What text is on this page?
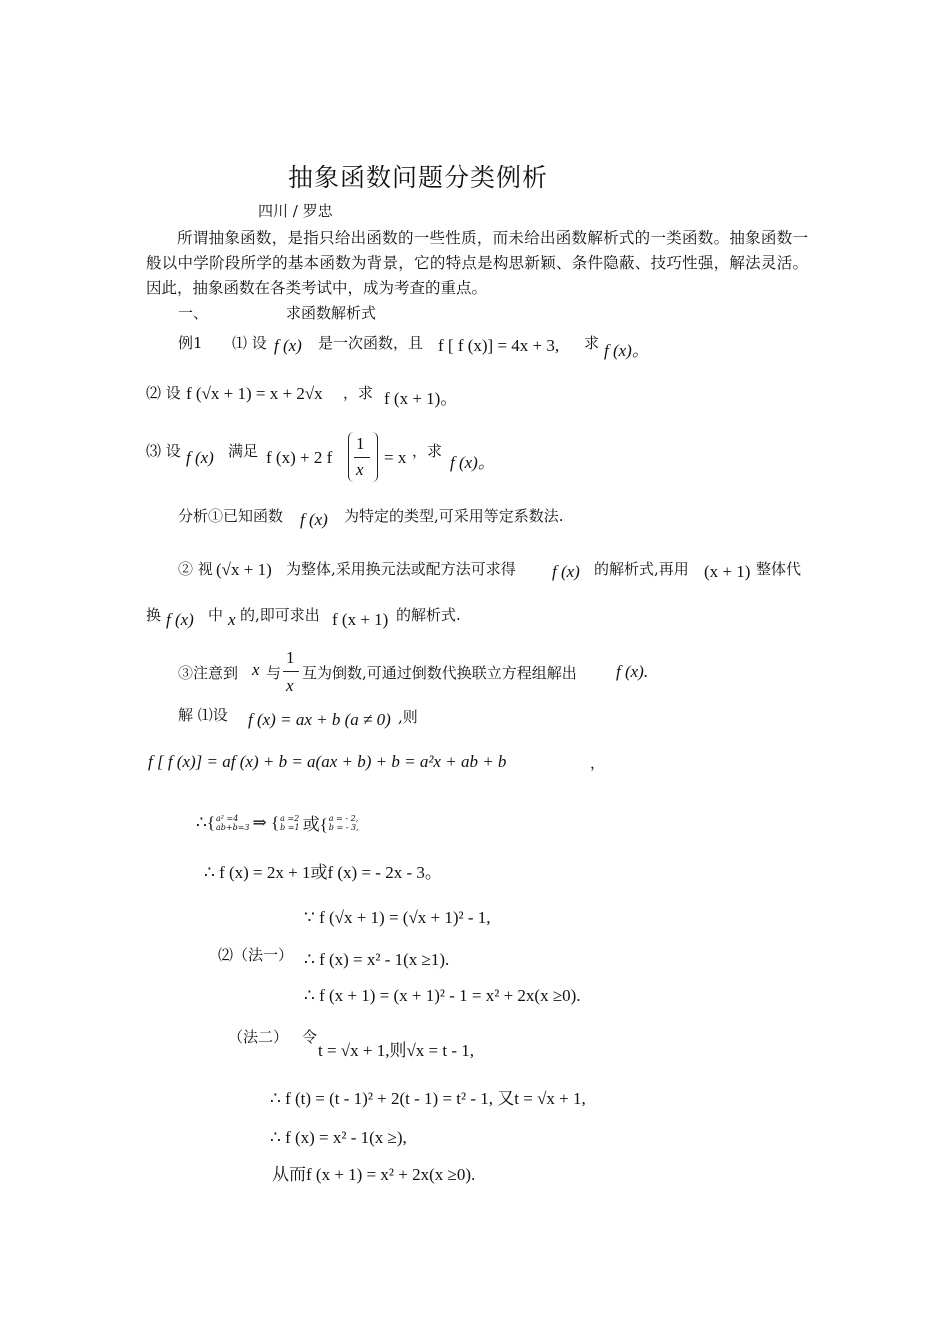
抽象函数问题分类例析
四川 / 罗忠
所谓抽象函数，是指只给出函数的一些性质，而未给出函数解析式的一类函数。抽象函数一般以中学阶段所学的基本函数为背景，它的特点是构思新颖、条件隐蔽、技巧性强，解法灵活。因此，抽象函数在各类考试中，成为考查的重点。
一、	求函数解析式
例1 ⑴ 设 f (x) 是一次函数，且 f [ f (x)] = 4x + 3, 求 f (x)。
⑵ 设 f (√x + 1) = x + 2√x ，求 f (x + 1)。
⑶ 设 f (x) 满足 f (x) + 2 f
1
x
= x ，求
f (x)。
分析①已知函数 f (x) 为特定的类型,可采用等定系数法.
② 视 (√x + 1) 为整体,采用换元法或配方法可求得 f (x) 的解析式,再用 (x + 1) 整体代
换 f (x) 中 x 的,即可求出 f (x + 1) 的解析式.
③注意到 x 与
1
x
互为倒数,可通过倒数代换联立方程组解出 f (x).
解 ⑴设 f (x) = ax + b (a ≠ 0) ,则
f [ f (x)] = af (x) + b = a(ax + b) + b = a²x + ab + b	，
∴{ a² =4
ab+b=3 ⇒ { a =2
b =1 或{ a = - 2,
b = - 3,
∴ f (x) = 2x + 1或f (x) = - 2x - 3。
⑵（法一）
∵ f (√x + 1) = (√x + 1)² - 1,
∴ f (x) = x² - 1(x ≥1).
∴ f (x + 1) = (x + 1)² - 1 = x² + 2x(x ≥0).
（法二） 令
t = √x + 1,则√x = t - 1,
∴ f (t) = (t - 1)² + 2(t - 1) = t² - 1, 又t = √x + 1,
∴ f (x) = x² - 1(x ≥),
从而f (x + 1) = x² + 2x(x ≥0).
